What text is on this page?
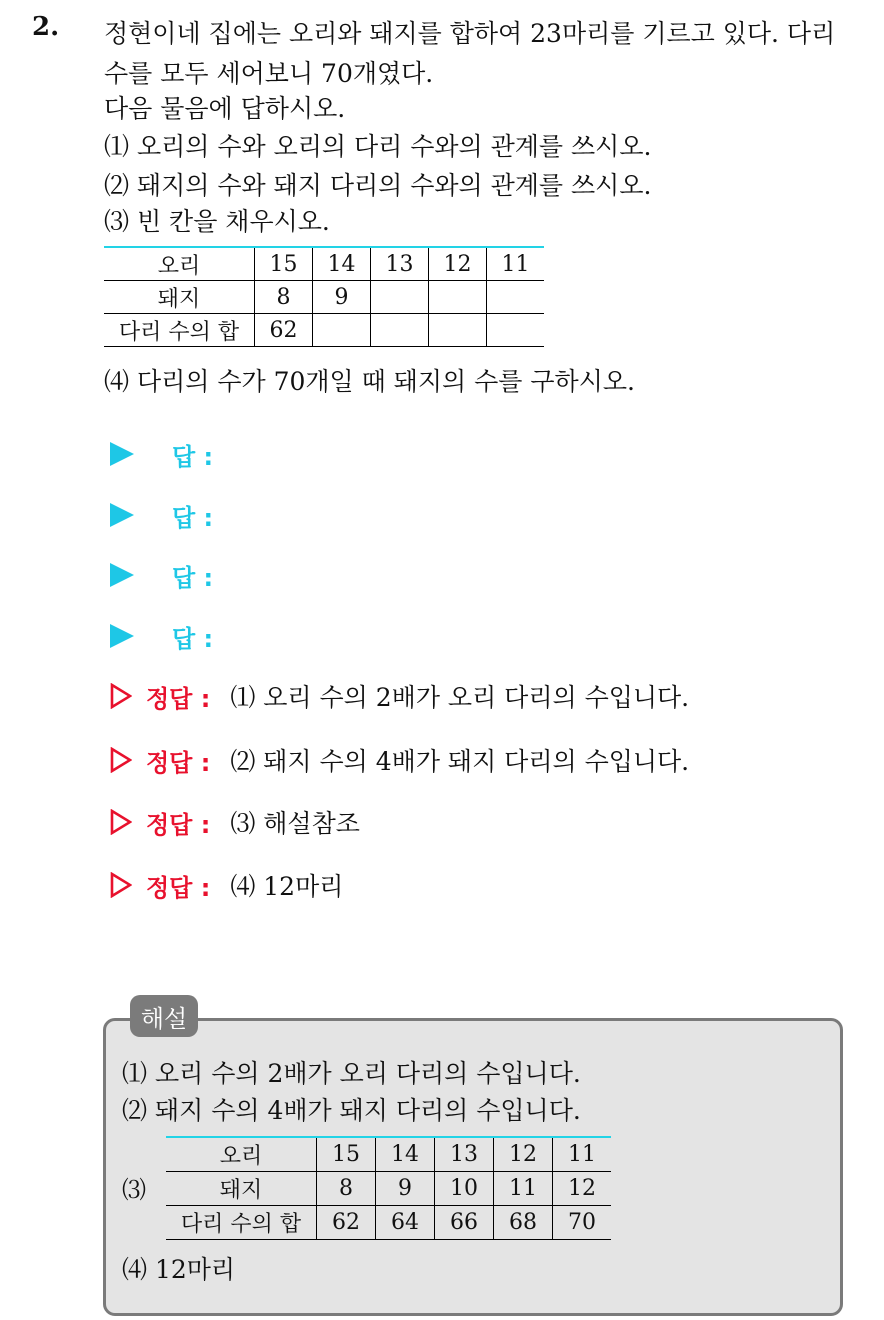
2. 정현이네 집에는 오리와 돼지를 합하여 23마리를 기르고 있다. 다리
수를 모두 세어보니 70개였다.
다음 물음에 답하시오.
⑴ 오리의 수와 오리의 다리 수와의 관계를 쓰시오.
⑵ 돼지의 수와 돼지 다리의 수와의 관계를 쓰시오.
⑶ 빈 칸을 채우시오.
오리	15	14	13	12	11
돼지	8	9			
다리 수의 합	62				
⑷ 다리의 수가 70개일 때 돼지의 수를 구하시오.
답 :
답 :
답 :
답 :
정답 : ⑴ 오리 수의 2배가 오리 다리의 수입니다.
정답 : ⑵ 돼지 수의 4배가 돼지 다리의 수입니다.
정답 : ⑶ 해설참조
정답 : ⑷ 12마리
해설
⑴ 오리 수의 2배가 오리 다리의 수입니다.
⑵ 돼지 수의 4배가 돼지 다리의 수입니다.
⑶
오리	15	14	13	12	11
돼지	8	9	10	11	12
다리 수의 합	62	64	66	68	70
⑷ 12마리
